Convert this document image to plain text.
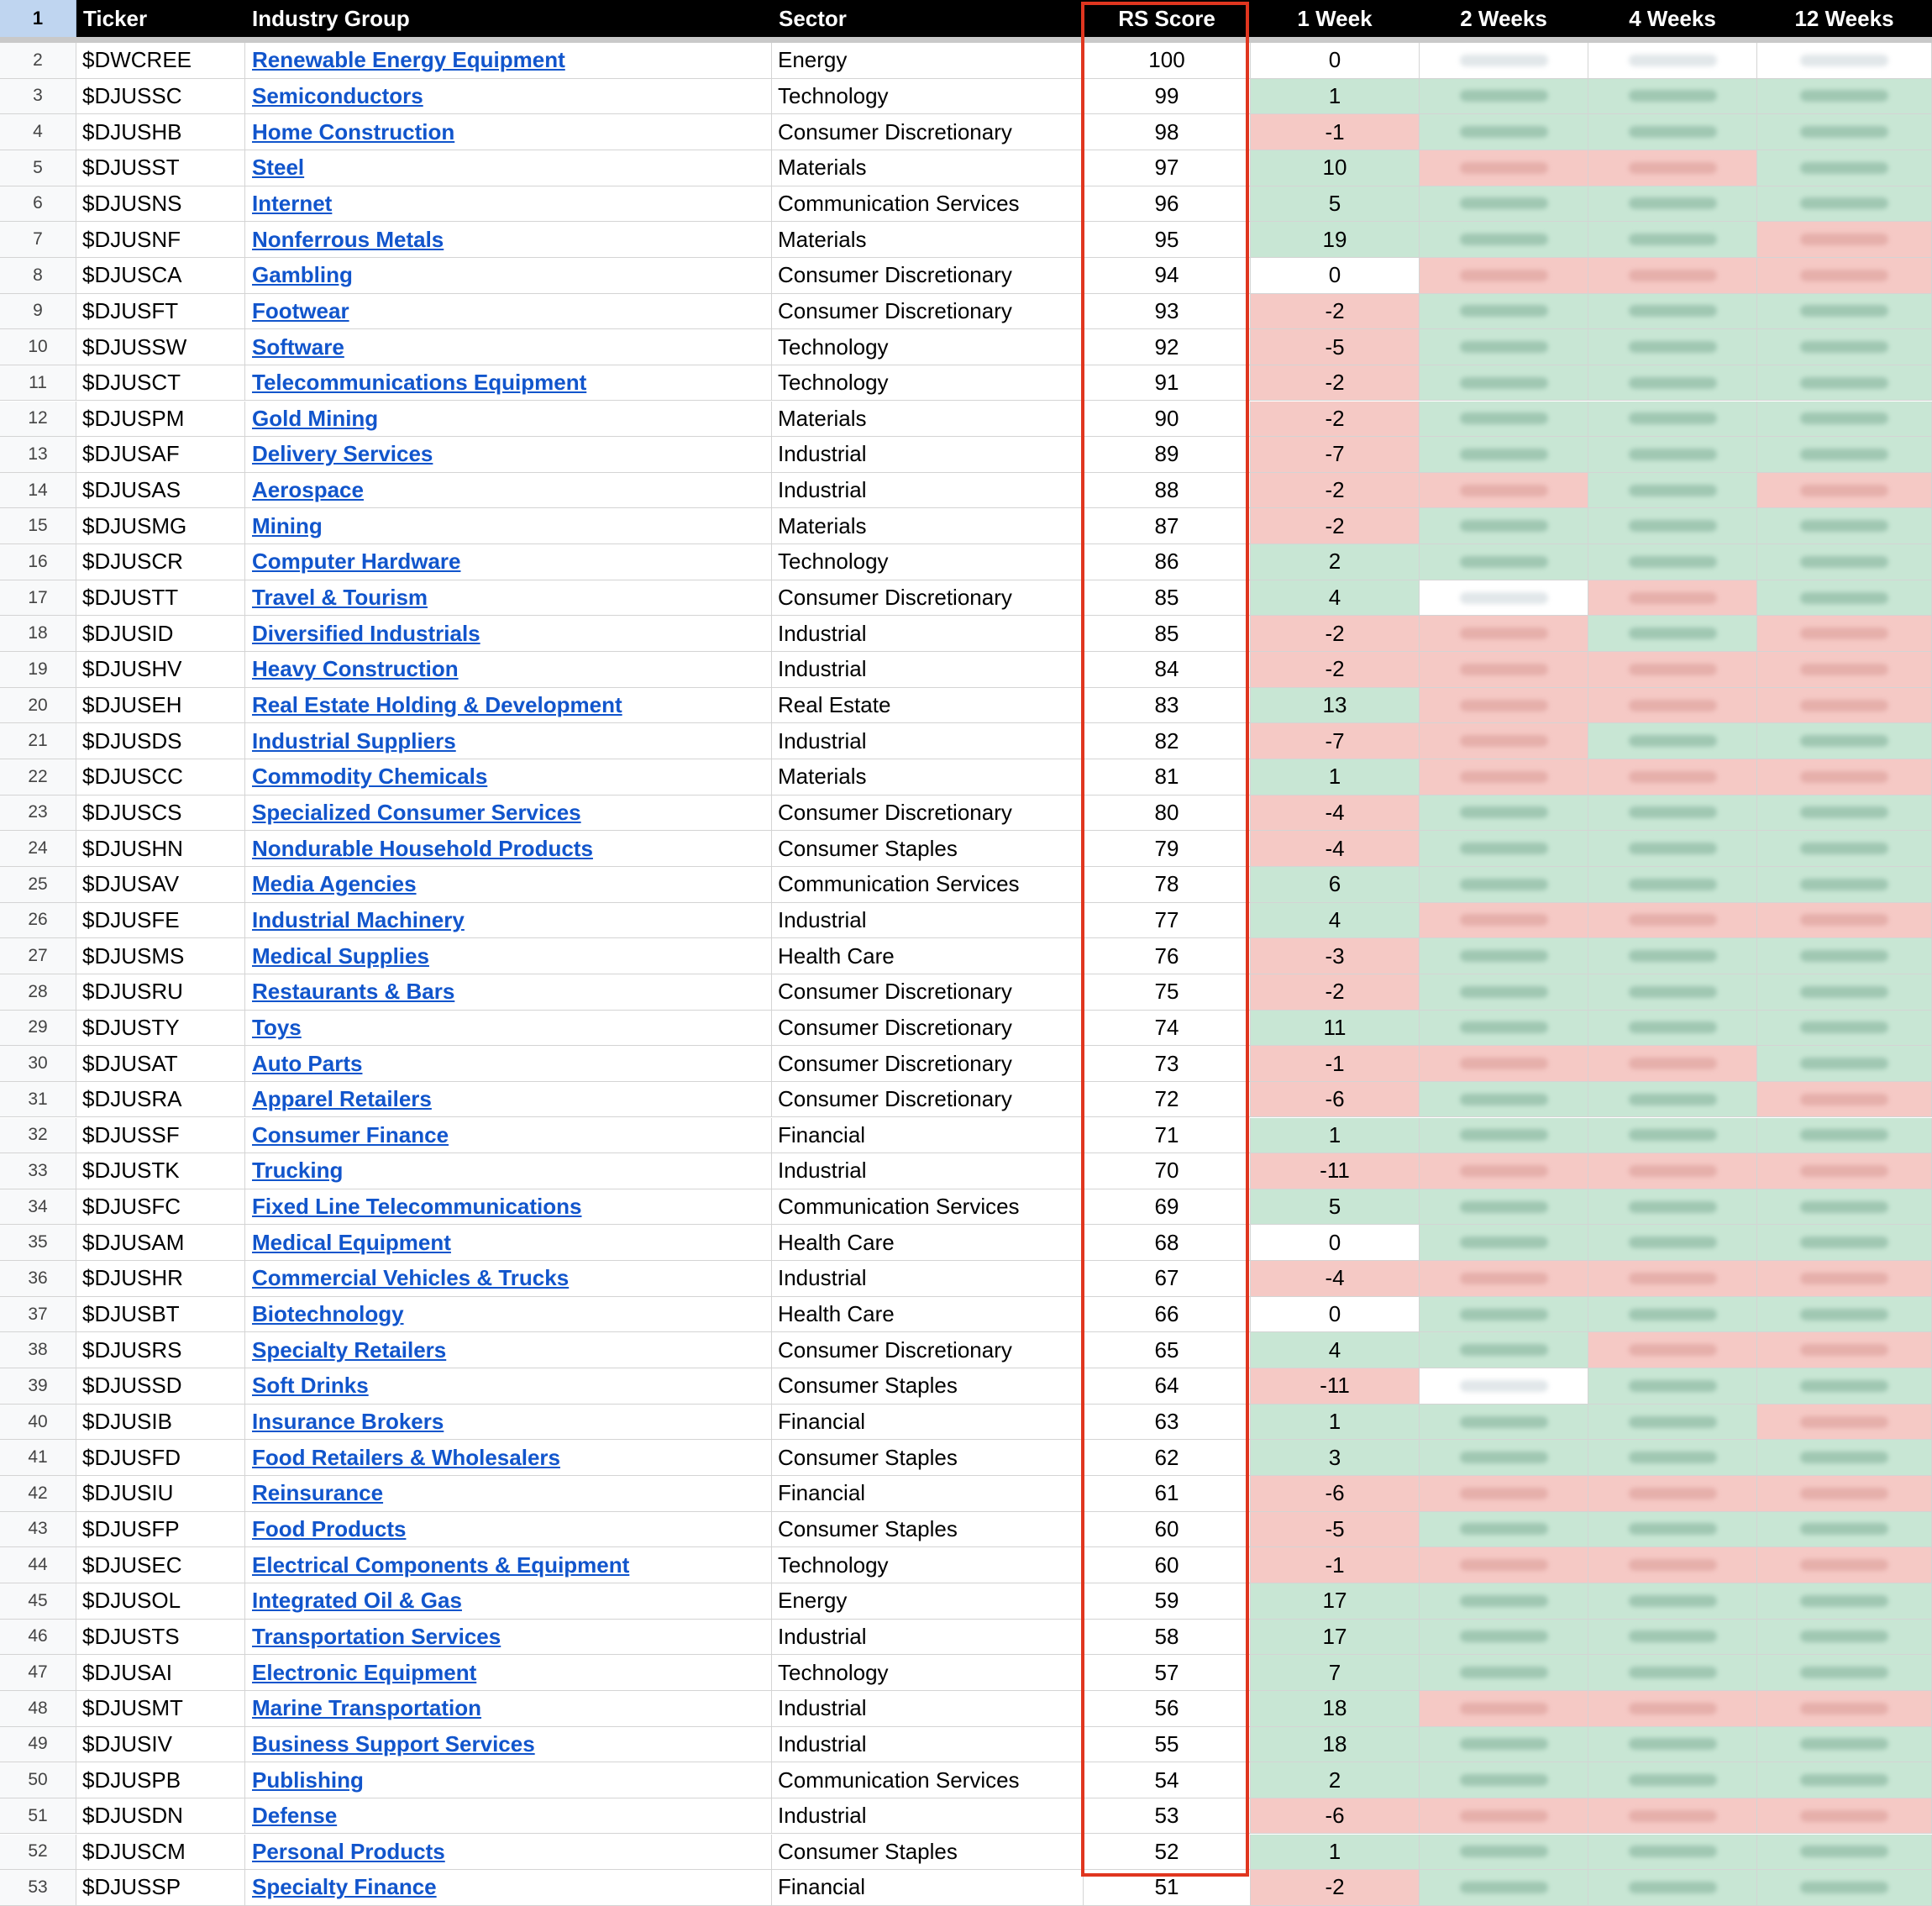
1	Ticker	Industry Group	Sector	RS Score	1 Week	2 Weeks	4 Weeks	12 Weeks
2	$DWCREE	Renewable Energy Equipment	Energy	100	0
3	$DJUSSC	Semiconductors	Technology	99	1
4	$DJUSHB	Home Construction	Consumer Discretionary	98	-1
5	$DJUSST	Steel	Materials	97	10
6	$DJUSNS	Internet	Communication Services	96	5
7	$DJUSNF	Nonferrous Metals	Materials	95	19
8	$DJUSCA	Gambling	Consumer Discretionary	94	0
9	$DJUSFT	Footwear	Consumer Discretionary	93	-2
10	$DJUSSW	Software	Technology	92	-5
11	$DJUSCT	Telecommunications Equipment	Technology	91	-2
12	$DJUSPM	Gold Mining	Materials	90	-2
13	$DJUSAF	Delivery Services	Industrial	89	-7
14	$DJUSAS	Aerospace	Industrial	88	-2
15	$DJUSMG	Mining	Materials	87	-2
16	$DJUSCR	Computer Hardware	Technology	86	2
17	$DJUSTT	Travel & Tourism	Consumer Discretionary	85	4
18	$DJUSID	Diversified Industrials	Industrial	85	-2
19	$DJUSHV	Heavy Construction	Industrial	84	-2
20	$DJUSEH	Real Estate Holding & Development	Real Estate	83	13
21	$DJUSDS	Industrial Suppliers	Industrial	82	-7
22	$DJUSCC	Commodity Chemicals	Materials	81	1
23	$DJUSCS	Specialized Consumer Services	Consumer Discretionary	80	-4
24	$DJUSHN	Nondurable Household Products	Consumer Staples	79	-4
25	$DJUSAV	Media Agencies	Communication Services	78	6
26	$DJUSFE	Industrial Machinery	Industrial	77	4
27	$DJUSMS	Medical Supplies	Health Care	76	-3
28	$DJUSRU	Restaurants & Bars	Consumer Discretionary	75	-2
29	$DJUSTY	Toys	Consumer Discretionary	74	11
30	$DJUSAT	Auto Parts	Consumer Discretionary	73	-1
31	$DJUSRA	Apparel Retailers	Consumer Discretionary	72	-6
32	$DJUSSF	Consumer Finance	Financial	71	1
33	$DJUSTK	Trucking	Industrial	70	-11
34	$DJUSFC	Fixed Line Telecommunications	Communication Services	69	5
35	$DJUSAM	Medical Equipment	Health Care	68	0
36	$DJUSHR	Commercial Vehicles & Trucks	Industrial	67	-4
37	$DJUSBT	Biotechnology	Health Care	66	0
38	$DJUSRS	Specialty Retailers	Consumer Discretionary	65	4
39	$DJUSSD	Soft Drinks	Consumer Staples	64	-11
40	$DJUSIB	Insurance Brokers	Financial	63	1
41	$DJUSFD	Food Retailers & Wholesalers	Consumer Staples	62	3
42	$DJUSIU	Reinsurance	Financial	61	-6
43	$DJUSFP	Food Products	Consumer Staples	60	-5
44	$DJUSEC	Electrical Components & Equipment	Technology	60	-1
45	$DJUSOL	Integrated Oil & Gas	Energy	59	17
46	$DJUSTS	Transportation Services	Industrial	58	17
47	$DJUSAI	Electronic Equipment	Technology	57	7
48	$DJUSMT	Marine Transportation	Industrial	56	18
49	$DJUSIV	Business Support Services	Industrial	55	18
50	$DJUSPB	Publishing	Communication Services	54	2
51	$DJUSDN	Defense	Industrial	53	-6
52	$DJUSCM	Personal Products	Consumer Staples	52	1
53	$DJUSSP	Specialty Finance	Financial	51	-2
